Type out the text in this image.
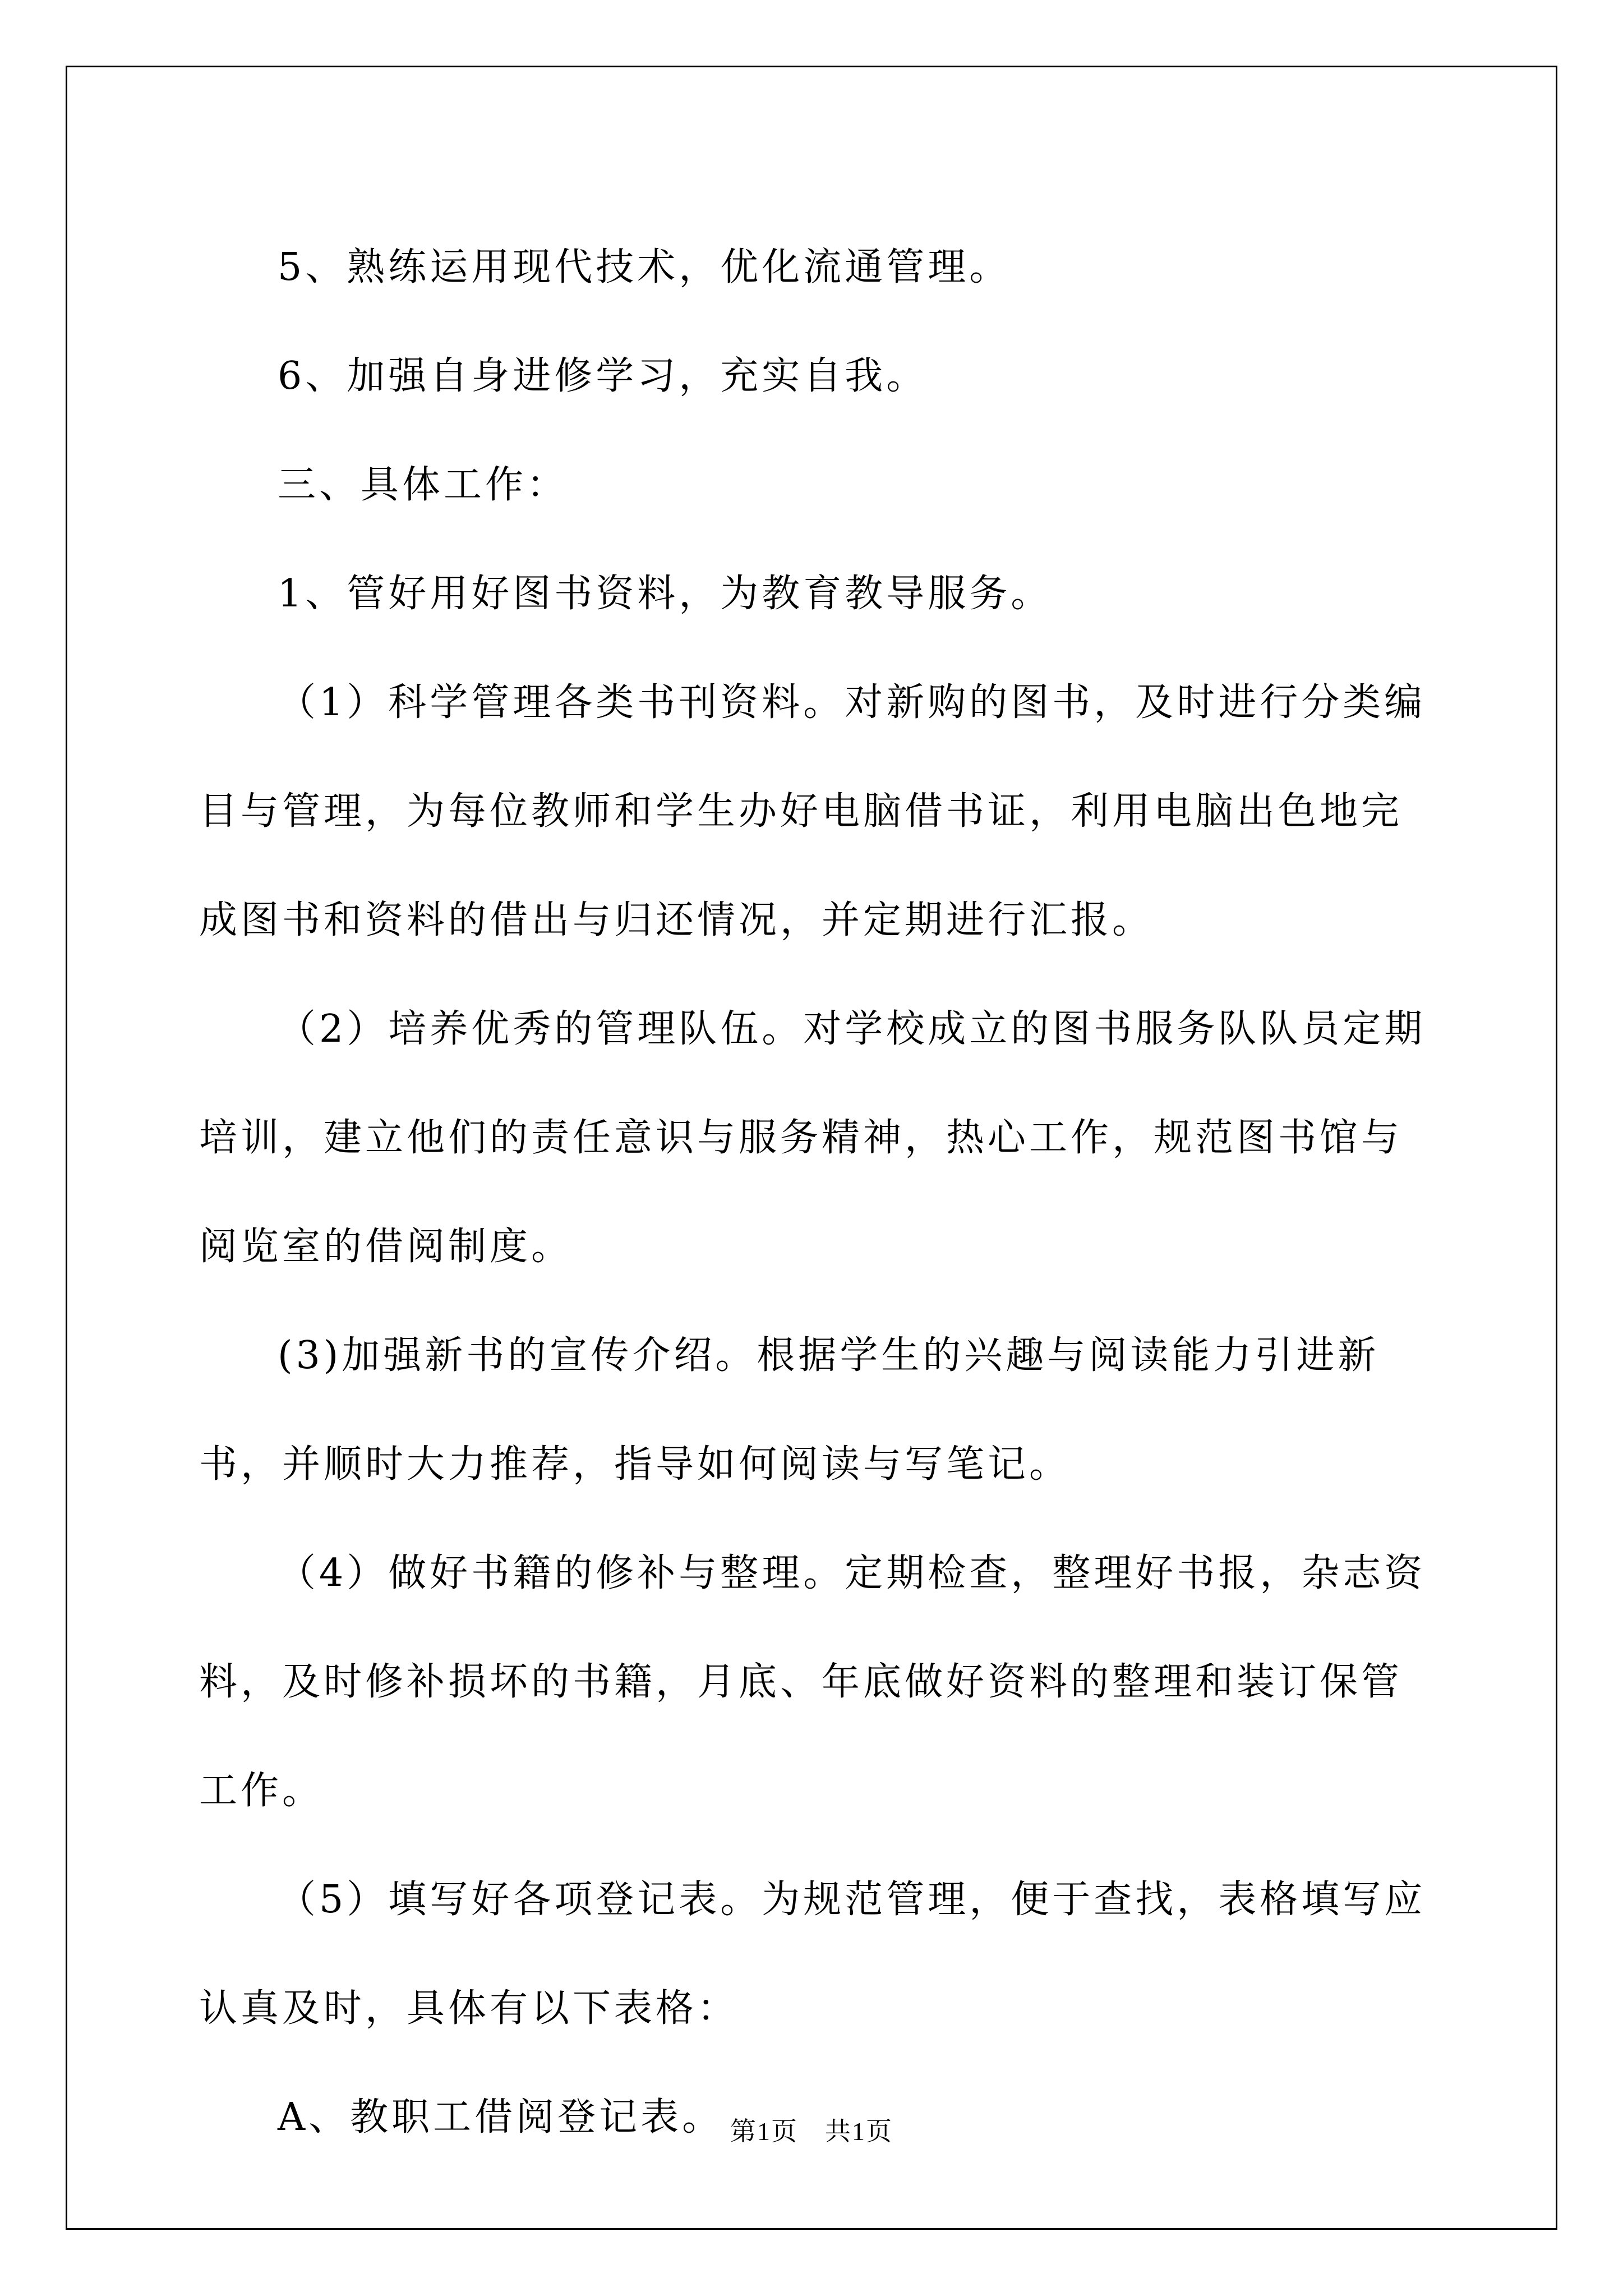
5、熟练运用现代技术，优化流通管理。

6、加强自身进修学习，充实自我。

三、具体工作：

1、管好用好图书资料，为教育教导服务。

（1）科学管理各类书刊资料。对新购的图书，及时进行分类编目与管理，为每位教师和学生办好电脑借书证，利用电脑出色地完成图书和资料的借出与归还情况，并定期进行汇报。

（2）培养优秀的管理队伍。对学校成立的图书服务队队员定期培训，建立他们的责任意识与服务精神，热心工作，规范图书馆与阅览室的借阅制度。

(3)加强新书的宣传介绍。根据学生的兴趣与阅读能力引进新书，并顺时大力推荐，指导如何阅读与写笔记。

（4）做好书籍的修补与整理。定期检查，整理好书报，杂志资料，及时修补损坏的书籍，月底、年底做好资料的整理和装订保管工作。

（5）填写好各项登记表。为规范管理，便于查找，表格填写应认真及时，具体有以下表格：

A、教职工借阅登记表。 第1页　共1页
